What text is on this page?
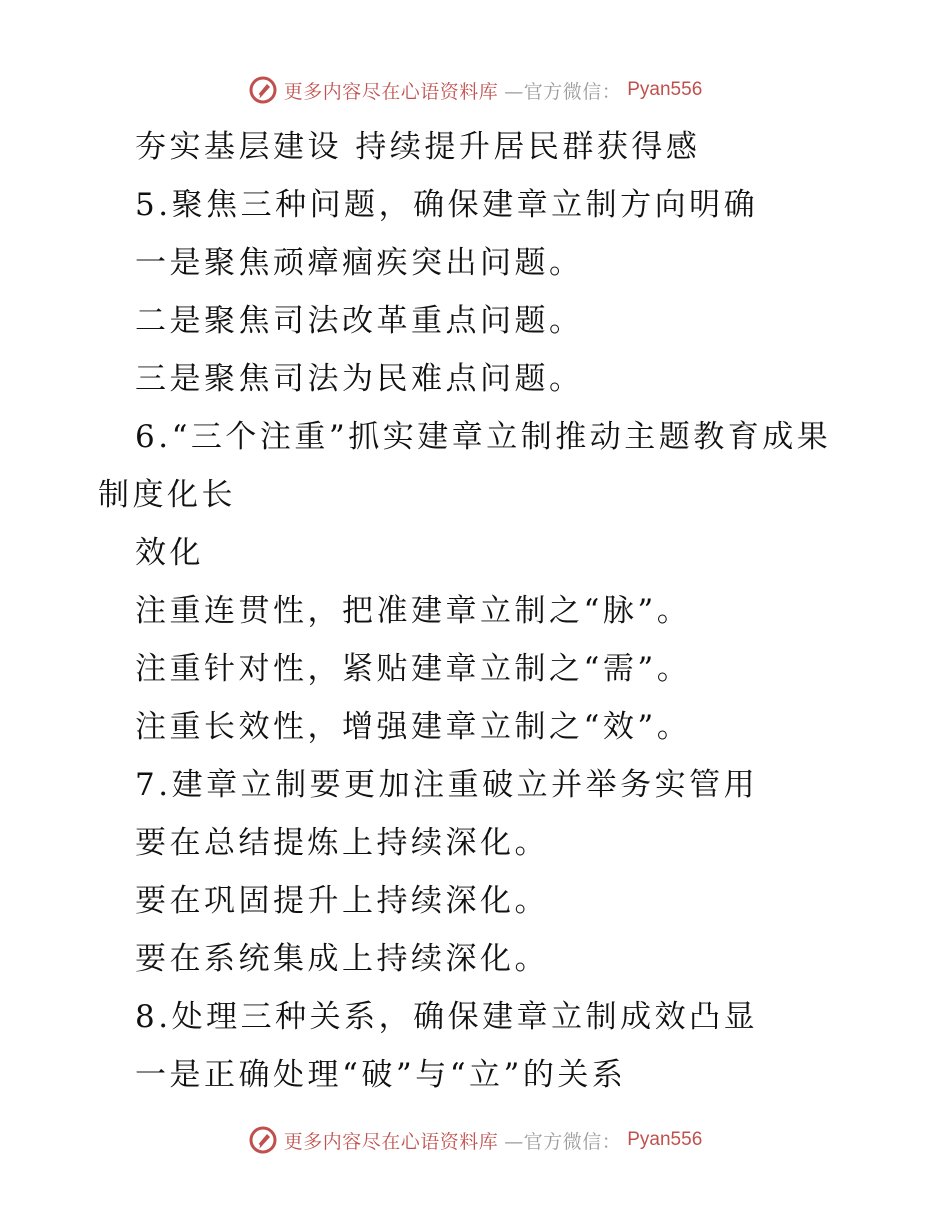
更多内容尽在心语资料库 —官方微信： Pyan556
夯实基层建设 持续提升居民群获得感
5.聚焦三种问题，确保建章立制方向明确
一是聚焦顽瘴痼疾突出问题。
二是聚焦司法改革重点问题。
三是聚焦司法为民难点问题。
6.“三个注重”抓实建章立制推动主题教育成果
制度化长
效化
注重连贯性，把准建章立制之“脉”。
注重针对性，紧贴建章立制之“需”。
注重长效性，增强建章立制之“效”。
7.建章立制要更加注重破立并举务实管用
要在总结提炼上持续深化。
要在巩固提升上持续深化。
要在系统集成上持续深化。
8.处理三种关系，确保建章立制成效凸显
一是正确处理“破”与“立”的关系
更多内容尽在心语资料库 —官方微信： Pyan556
